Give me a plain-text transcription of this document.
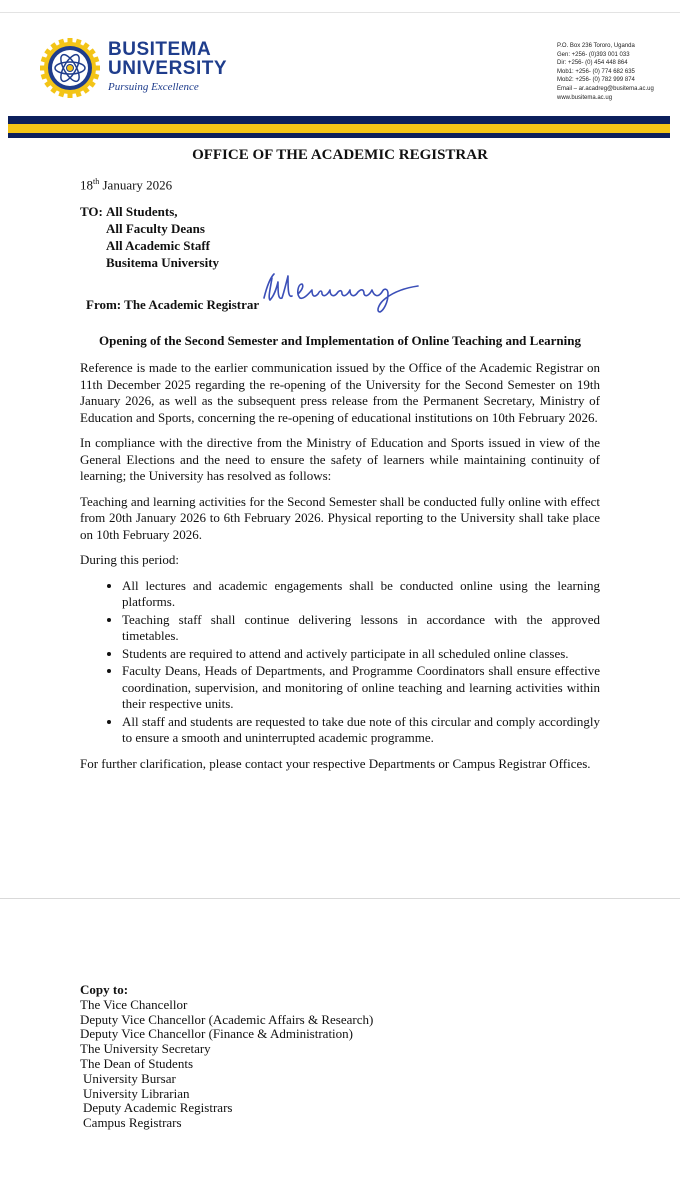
BUSITEMA
UNIVERSITY
Pursuing Excellence
P.O. Box 236 Tororo, Uganda
Gen: +256- (0)393 001 033
Dir: +256- (0) 454 448 864
Mob1: +256- (0) 774 682 635
Mob2: +256- (0) 782 999 874
Email – ar.acadreg@busitema.ac.ug
www.busitema.ac.ug
OFFICE OF THE ACADEMIC REGISTRAR
18th January 2026
TO: All Students,
All Faculty Deans
All Academic Staff
Busitema University
From: The Academic Registrar
Opening of the Second Semester and Implementation of Online Teaching and Learning

Reference is made to the earlier communication issued by the Office of the Academic Registrar on 11th December 2025 regarding the re-opening of the University for the Second Semester on 19th January 2026, as well as the subsequent press release from the Permanent Secretary, Ministry of Education and Sports, concerning the re-opening of educational institutions on 10th February 2026.

In compliance with the directive from the Ministry of Education and Sports issued in view of the General Elections and the need to ensure the safety of learners while maintaining continuity of learning; the University has resolved as follows:

Teaching and learning activities for the Second Semester shall be conducted fully online with effect from 20th January 2026 to 6th February 2026. Physical reporting to the University shall take place on 10th February 2026.

During this period:

• All lectures and academic engagements shall be conducted online using the learning platforms.
• Teaching staff shall continue delivering lessons in accordance with the approved timetables.
• Students are required to attend and actively participate in all scheduled online classes.
• Faculty Deans, Heads of Departments, and Programme Coordinators shall ensure effective coordination, supervision, and monitoring of online teaching and learning activities within their respective units.
• All staff and students are requested to take due note of this circular and comply accordingly to ensure a smooth and uninterrupted academic programme.

For further clarification, please contact your respective Departments or Campus Registrar Offices.

Copy to:
The Vice Chancellor
Deputy Vice Chancellor (Academic Affairs & Research)
Deputy Vice Chancellor (Finance & Administration)
The University Secretary
The Dean of Students
University Bursar
University Librarian
Deputy Academic Registrars
Campus Registrars
